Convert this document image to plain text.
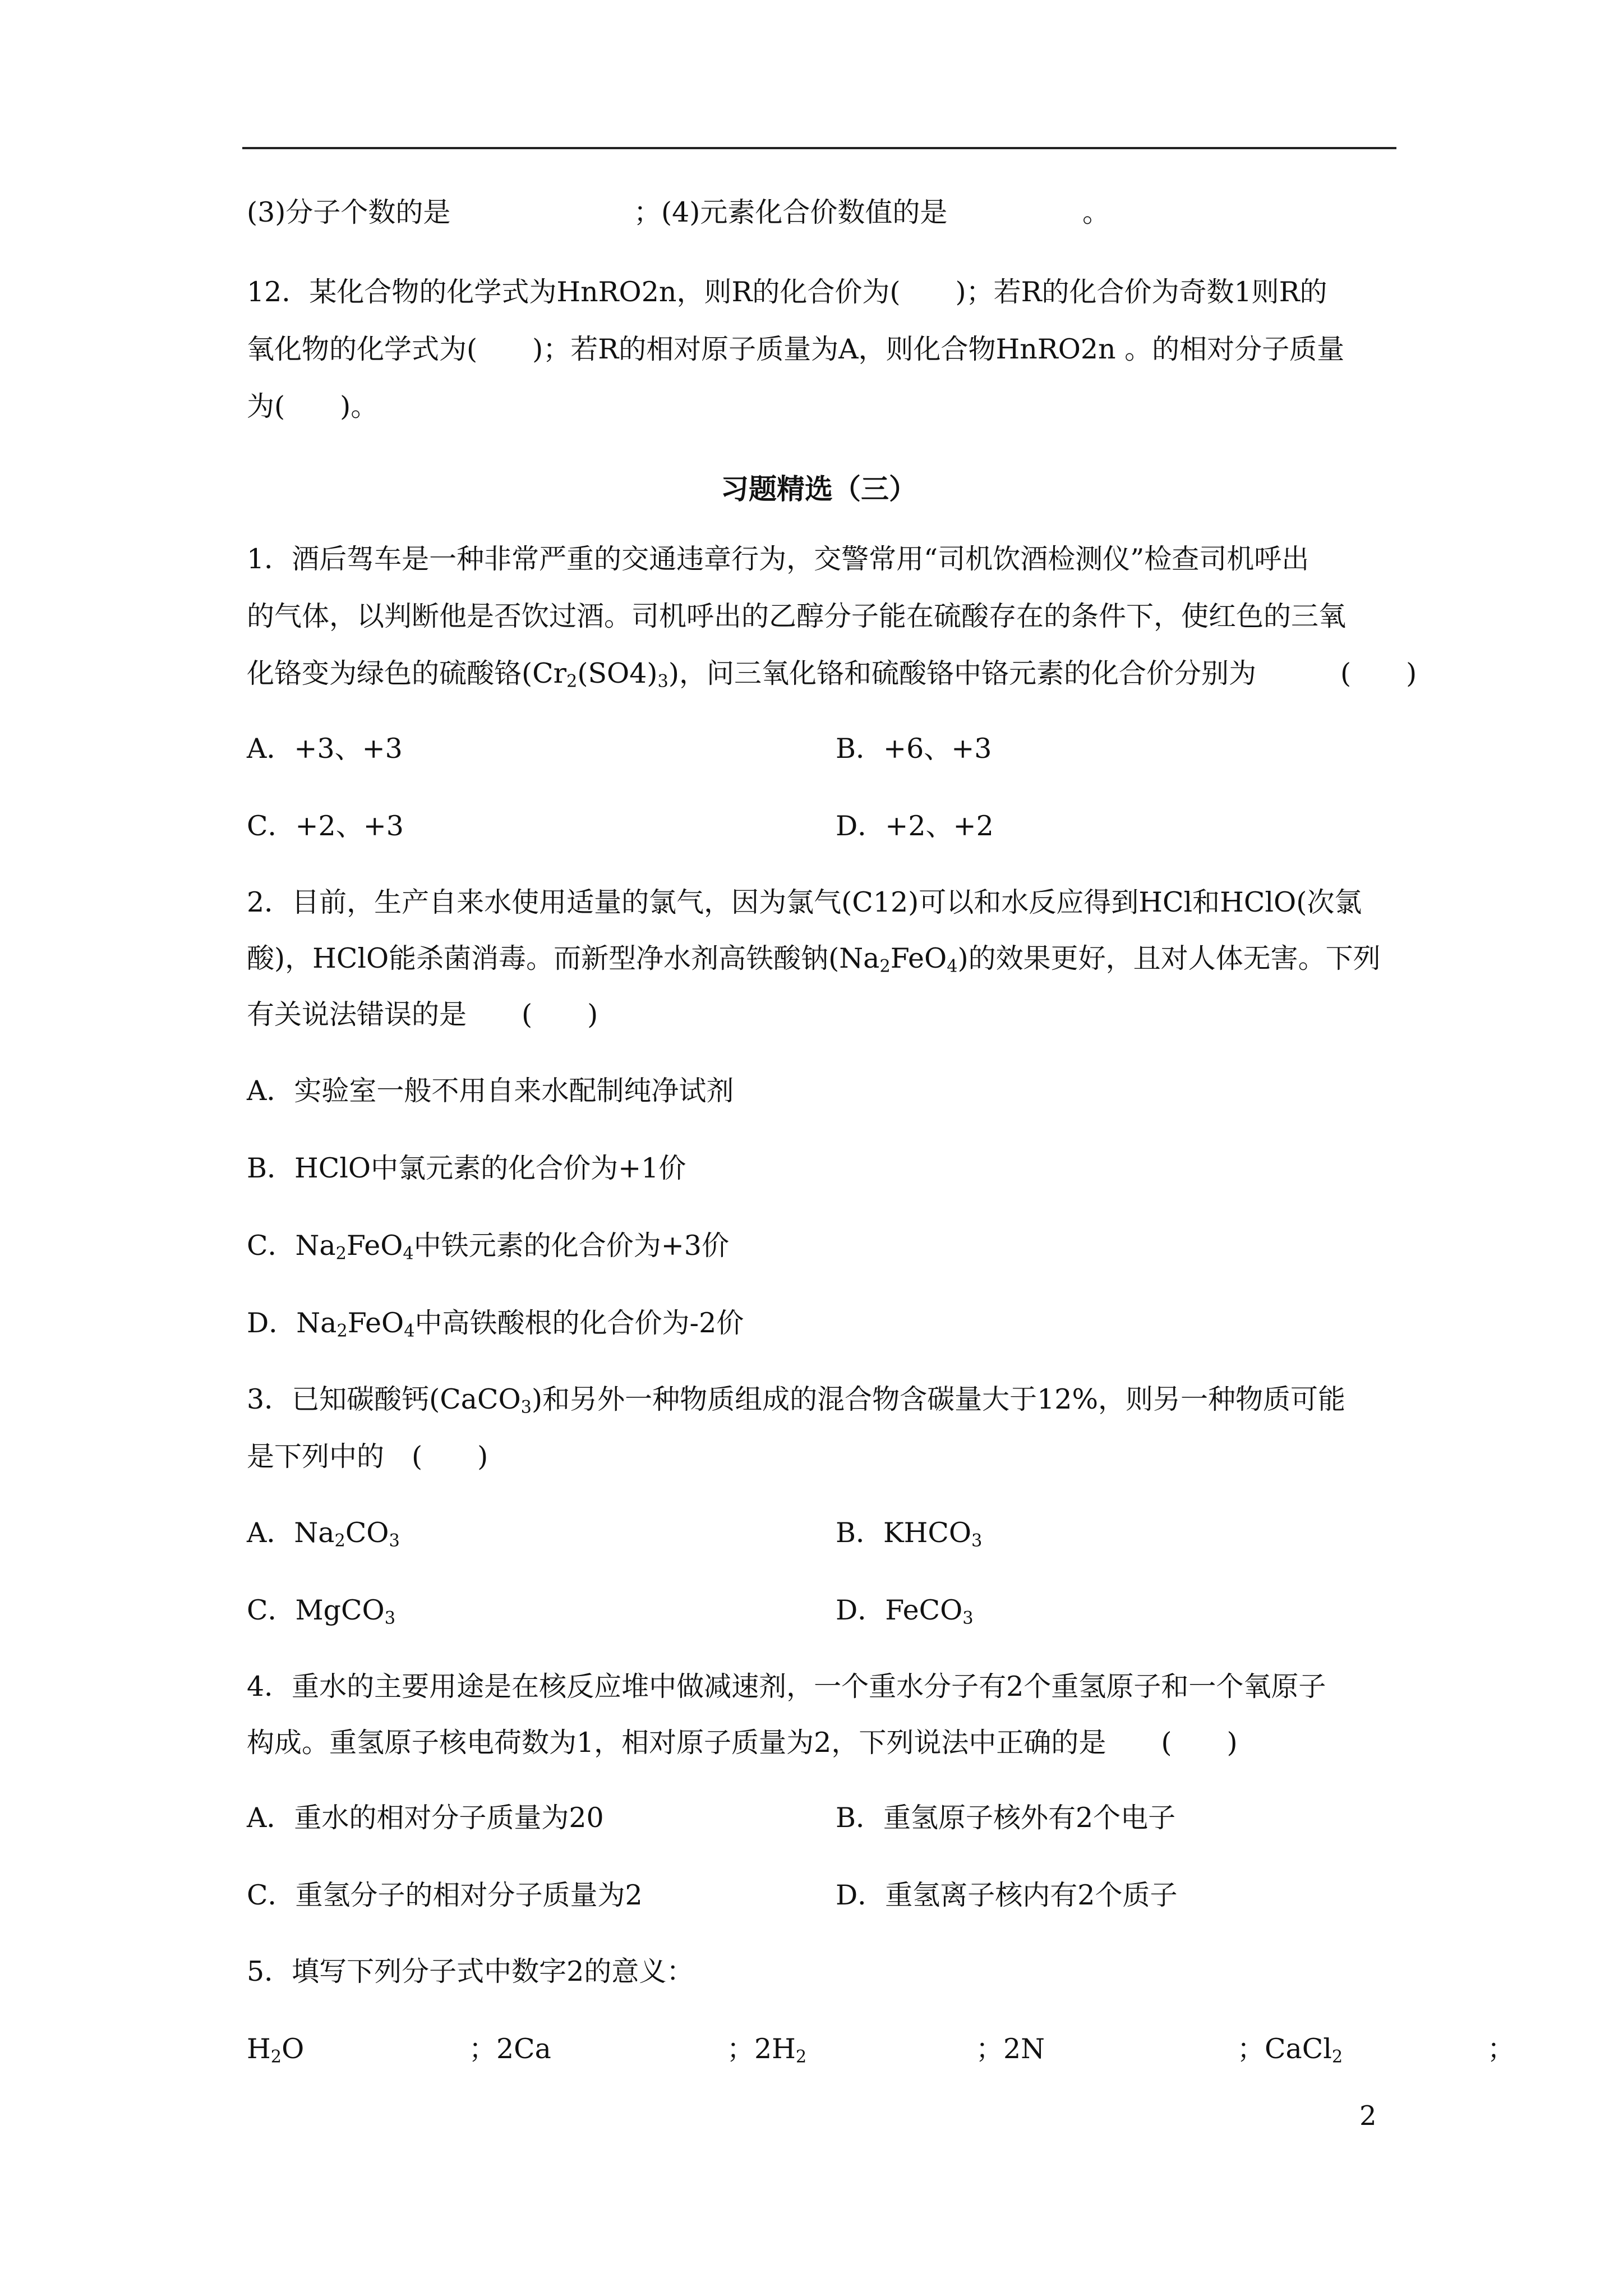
(3)分子个数的是	；(4)元素化合价数值的是	。
12．某化合物的化学式为HnRO2n，则R的化合价为(　　)；若R的化合价为奇数1则R的
氧化物的化学式为(　　)；若R的相对原子质量为A，则化合物HnRO2n 。的相对分子质量
为(　　)。
习题精选（三）
1．酒后驾车是一种非常严重的交通违章行为，交警常用“司机饮酒检测仪”检查司机呼出
的气体，以判断他是否饮过酒。司机呼出的乙醇分子能在硫酸存在的条件下，使红色的三氧
化铬变为绿色的硫酸铬$(Cr_2(SO4)_3)$，问三氧化铬和硫酸铬中铬元素的化合价分别为	(　　)
A．+3、+3	B．+6、+3
C．+2、+3	D．+2、+2
2．目前，生产自来水使用适量的氯气，因为氯气(C12)可以和水反应得到HCl和HClO(次氯
酸)，HClO能杀菌消毒。而新型净水剂高铁酸钠$(Na_2FeO_4)$的效果更好，且对人体无害。下列
有关说法错误的是　　(　　)
A．实验室一般不用自来水配制纯净试剂
B．HClO中氯元素的化合价为+1价
C．$Na_2FeO_4$中铁元素的化合价为+3价
D．$Na_2FeO_4$中高铁酸根的化合价为-2价
3．已知碳酸钙(CaCO$_3$)和另外一种物质组成的混合物含碳量大于12%，则另一种物质可能
是下列中的　(　　)
A．$Na_2CO_3$	B．$KHCO_3$
C．MgCO$_3$	D．FeCO$_3$
4．重水的主要用途是在核反应堆中做减速剂，一个重水分子有2个重氢原子和一个氧原子
构成。重氢原子核电荷数为1，相对原子质量为2，下列说法中正确的是　　(　　)
A．重水的相对分子质量为20	B．重氢原子核外有2个电子
C．重氢分子的相对分子质量为2	D．重氢离子核内有2个质子
5．填写下列分子式中数字2的意义：
$H_2O$	；2Ca	；$2H_2$	；2N	；CaCl$_2$	；
2
